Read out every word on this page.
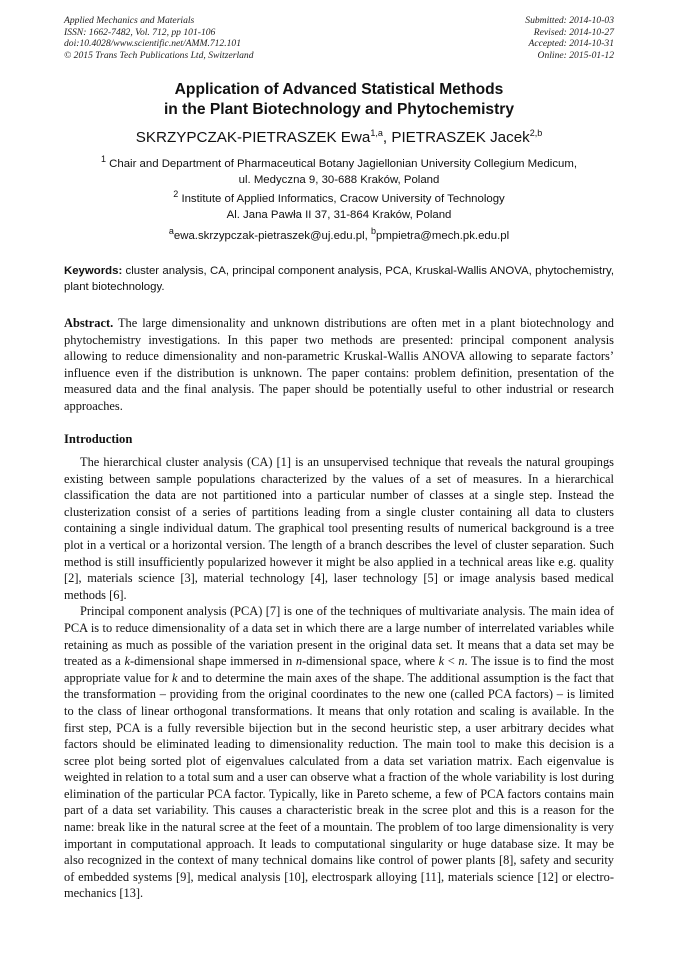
Applied Mechanics and Materials
ISSN: 1662-7482, Vol. 712, pp 101-106
doi:10.4028/www.scientific.net/AMM.712.101
© 2015 Trans Tech Publications Ltd, Switzerland
Submitted: 2014-10-03
Revised: 2014-10-27
Accepted: 2014-10-31
Online: 2015-01-12
Application of Advanced Statistical Methods
in the Plant Biotechnology and Phytochemistry
SKRZYPCZAK-PIETRASZEK Ewa$^{1,a}$, PIETRASZEK Jacek$^{2,b}$
$^1$ Chair and Department of Pharmaceutical Botany Jagiellonian University Collegium Medicum,
ul. Medyczna 9, 30-688 Kraków, Poland
$^2$ Institute of Applied Informatics, Cracow University of Technology
Al. Jana Pawła II 37, 31-864 Kraków, Poland
$^a$ewa.skrzypczak-pietraszek@uj.edu.pl, $^b$pmpietra@mech.pk.edu.pl
Keywords: cluster analysis, CA, principal component analysis, PCA, Kruskal-Wallis ANOVA, phytochemistry, plant biotechnology.
Abstract. The large dimensionality and unknown distributions are often met in a plant biotechnology and phytochemistry investigations. In this paper two methods are presented: principal component analysis allowing to reduce dimensionality and non-parametric Kruskal-Wallis ANOVA allowing to separate factors’ influence even if the distribution is unknown. The paper contains: problem definition, presentation of the measured data and the final analysis. The paper should be potentially useful to other industrial or research approaches.
Introduction

The hierarchical cluster analysis (CA) [1] is an unsupervised technique that reveals the natural groupings existing between sample populations characterized by the values of a set of measures. In a hierarchical classification the data are not partitioned into a particular number of classes at a single step. Instead the clusterization consist of a series of partitions leading from a single cluster containing all data to clusters containing a single individual datum. The graphical tool presenting results of numerical background is a tree plot in a vertical or a horizontal version. The length of a branch describes the level of cluster separation. Such method is still insufficiently popularized however it might be also applied in a technical areas like e.g. quality [2], materials science [3], material technology [4], laser technology [5] or image analysis based medical methods [6].

Principal component analysis (PCA) [7] is one of the techniques of multivariate analysis. The main idea of PCA is to reduce dimensionality of a data set in which there are a large number of interrelated variables while retaining as much as possible of the variation present in the original data set. It means that a data set may be treated as a k-dimensional shape immersed in n-dimensional space, where k < n. The issue is to find the most appropriate value for k and to determine the main axes of the shape. The additional assumption is the fact that the transformation – providing from the original coordinates to the new one (called PCA factors) – is limited to the class of linear orthogonal transformations. It means that only rotation and scaling is available. In the first step, PCA is a fully reversible bijection but in the second heuristic step, a user arbitrary decides what factors should be eliminated leading to dimensionality reduction. The main tool to make this decision is a scree plot being sorted plot of eigenvalues calculated from a data set variation matrix. Each eigenvalue is weighted in relation to a total sum and a user can observe what a fraction of the whole variability is lost during elimination of the particular PCA factor. Typically, like in Pareto scheme, a few of PCA factors contains main part of a data set variability. This causes a characteristic break in the scree plot and this is a reason for the name: break like in the natural scree at the feet of a mountain. The problem of too large dimensionality is very important in computational approach. It leads to computational singularity or huge database size. It may be also recognized in the context of many technical domains like control of power plants [8], safety and security of embedded systems [9], medical analysis [10], electrospark alloying [11], materials science [12] or electro-mechanics [13].
